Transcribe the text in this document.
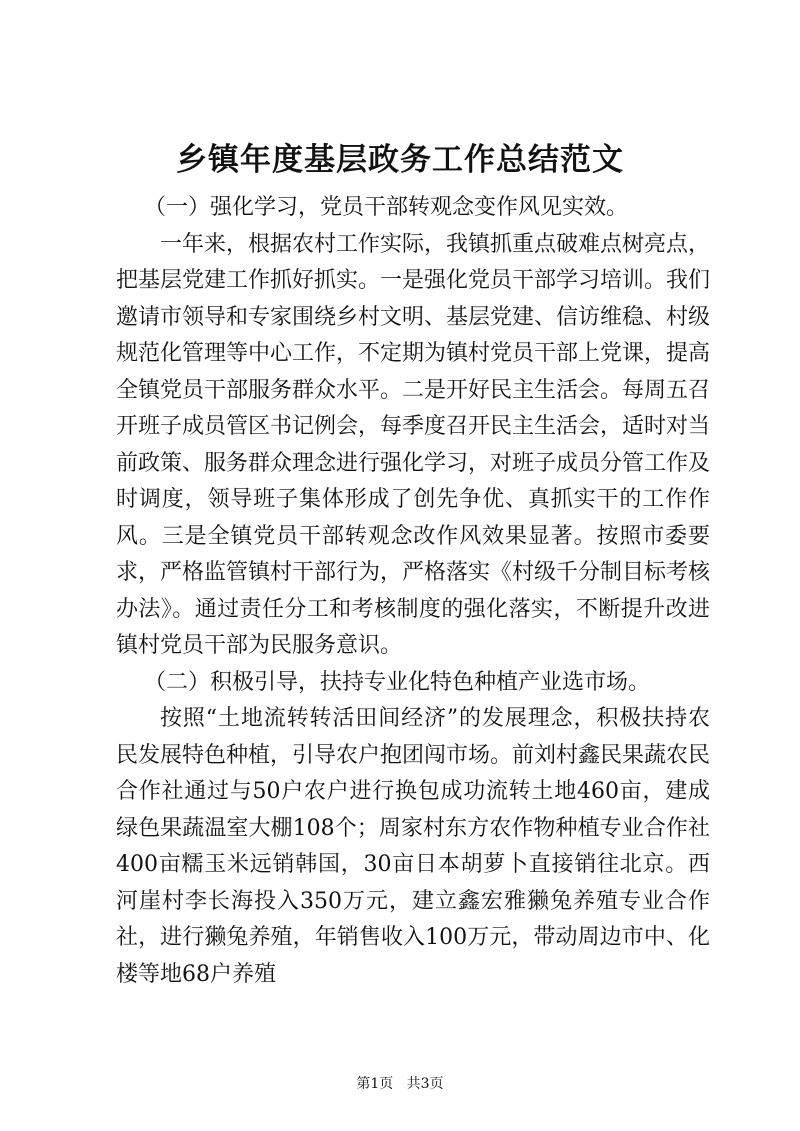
乡镇年度基层政务工作总结范文

（一）强化学习，党员干部转观念变作风见实效。

一年来，根据农村工作实际，我镇抓重点破难点树亮点，把基层党建工作抓好抓实。一是强化党员干部学习培训。我们邀请市领导和专家围绕乡村文明、基层党建、信访维稳、村级规范化管理等中心工作，不定期为镇村党员干部上党课，提高全镇党员干部服务群众水平。二是开好民主生活会。每周五召开班子成员管区书记例会，每季度召开民主生活会，适时对当前政策、服务群众理念进行强化学习，对班子成员分管工作及时调度，领导班子集体形成了创先争优、真抓实干的工作作风。三是全镇党员干部转观念改作风效果显著。按照市委要求，严格监管镇村干部行为，严格落实《村级千分制目标考核办法》。通过责任分工和考核制度的强化落实，不断提升改进镇村党员干部为民服务意识。

（二）积极引导，扶持专业化特色种植产业选市场。

按照“土地流转转活田间经济”的发展理念，积极扶持农民发展特色种植，引导农户抱团闯市场。前刘村鑫民果蔬农民合作社通过与50户农户进行换包成功流转土地460亩，建成绿色果蔬温室大棚108个；周家村东方农作物种植专业合作社400亩糯玉米远销韩国，30亩日本胡萝卜直接销往北京。西河崖村李长海投入350万元，建立鑫宏雅獭兔养殖专业合作社，进行獭兔养殖，年销售收入100万元，带动周边市中、化楼等地68户养殖

第1页 共3页
